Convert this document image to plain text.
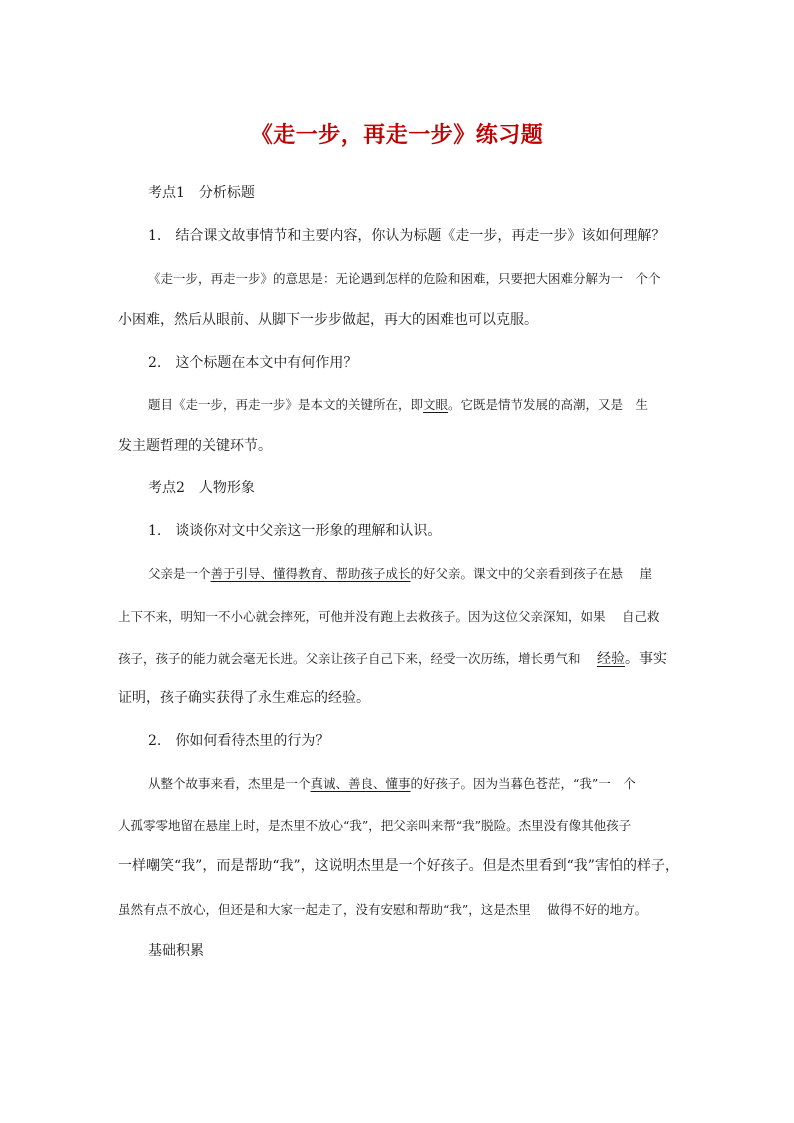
《走一步，再走一步》练习题
考点1　分析标题
1.　结合课文故事情节和主要内容，你认为标题《走一步，再走一步》该如何理解？
《走一步，再走一步》的意思是：无论遇到怎样的危险和困难，只要把大困难分解为一　个个
小困难，然后从眼前、从脚下一步步做起，再大的困难也可以克服。
2.　这个标题在本文中有何作用？
题目《走一步，再走一步》是本文的关键所在，即文眼。它既是情节发展的高潮，又是　生
发主题哲理的关键环节。
考点2　人物形象
1.　谈谈你对文中父亲这一形象的理解和认识。
父亲是一个善于引导、懂得教育、帮助孩子成长的好父亲。课文中的父亲看到孩子在悬　 崖
上下不来，明知一不小心就会摔死，可他并没有跑上去救孩子。因为这位父亲深知，如果　 自己救
孩子，孩子的能力就会毫无长进。父亲让孩子自己下来，经受一次历练，增长勇气和　 经验。事实
证明，孩子确实获得了永生难忘的经验。
2.　你如何看待杰里的行为？
从整个故事来看，杰里是一个真诚、善良、懂事的好孩子。因为当暮色苍茫，“我”一　个
人孤零零地留在悬崖上时，是杰里不放心“我”，把父亲叫来帮“我”脱险。杰里没有像其他孩子
一样嘲笑“我”，而是帮助“我”，这说明杰里是一个好孩子。但是杰里看到“我”害怕的样子，
虽然有点不放心，但还是和大家一起走了，没有安慰和帮助“我”，这是杰里　 做得不好的地方。
基础积累
